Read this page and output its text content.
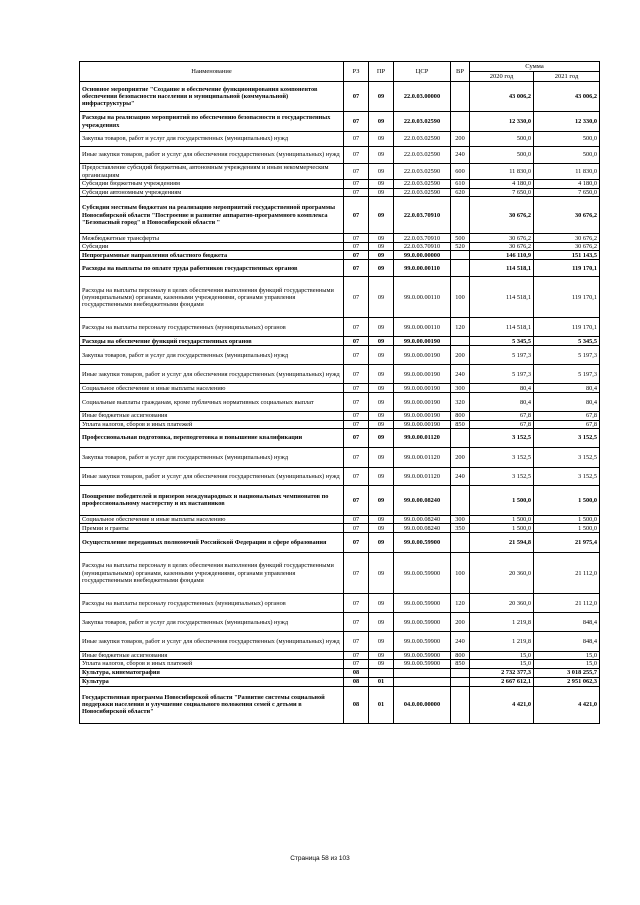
Наименование	РЗ	ПР	ЦСР	ВР	Сумма	
					2020 год	2021 год
Основное мероприятие "Создание и обеспечение функционирования компонентов обеспечения безопасности населения и муниципальной (коммунальной) инфраструктуры"	07	09	22.0.03.00000		43 006,2	43 006,2
Расходы на реализацию мероприятий по обеспечению безопасности в государственных учреждениях	07	09	22.0.03.02590		12 330,0	12 330,0
Закупка товаров, работ и услуг для государственных (муниципальных) нужд	07	09	22.0.03.02590	200	500,0	500,0
Иные закупки товаров, работ и услуг для обеспечения государственных (муниципальных) нужд	07	09	22.0.03.02590	240	500,0	500,0
Предоставление субсидий бюджетным, автономным учреждениям и иным некоммерческим организациям	07	09	22.0.03.02590	600	11 830,0	11 830,0
Субсидии бюджетным учреждениям	07	09	22.0.03.02590	610	4 180,0	4 180,0
Субсидии автономным учреждениям	07	09	22.0.03.02590	620	7 650,0	7 650,0
Субсидии местным бюджетам на реализацию мероприятий государственной программы Новосибирской области "Построение и развитие аппаратно-программного комплекса "Безопасный город" в Новосибирской области "	07	09	22.0.03.70910		30 676,2	30 676,2
Межбюджетные трансферты	07	09	22.0.03.70910	500	30 676,2	30 676,2
Субсидии	07	09	22.0.03.70910	520	30 676,2	30 676,2
Непрограммные направления областного бюджета	07	09	99.0.00.00000		146 110,9	151 143,5
Расходы на выплаты по оплате труда работников государственных органов	07	09	99.0.00.00110		114 518,1	119 170,1
Расходы на выплаты персоналу в целях обеспечения выполнения функций государственными (муниципальными) органами, казенными учреждениями, органами управления государственными внебюджетными фондами	07	09	99.0.00.00110	100	114 518,1	119 170,1
Расходы на выплаты персоналу государственных (муниципальных) органов	07	09	99.0.00.00110	120	114 518,1	119 170,1
Расходы на обеспечение функций государственных органов	07	09	99.0.00.00190		5 345,5	5 345,5
Закупка товаров, работ и услуг для государственных (муниципальных) нужд	07	09	99.0.00.00190	200	5 197,3	5 197,3
Иные закупки товаров, работ и услуг для обеспечения государственных (муниципальных) нужд	07	09	99.0.00.00190	240	5 197,3	5 197,3
Социальное обеспечение и иные выплаты населению	07	09	99.0.00.00190	300	80,4	80,4
Социальные выплаты гражданам, кроме публичных нормативных социальных выплат	07	09	99.0.00.00190	320	80,4	80,4
Иные бюджетные ассигнования	07	09	99.0.00.00190	800	67,8	67,8
Уплата налогов, сборов и иных платежей	07	09	99.0.00.00190	850	67,8	67,8
Профессиональная подготовка, переподготовка и повышение квалификации	07	09	99.0.00.01120		3 152,5	3 152,5
Закупка товаров, работ и услуг для государственных (муниципальных) нужд	07	09	99.0.00.01120	200	3 152,5	3 152,5
Иные закупки товаров, работ и услуг для обеспечения государственных (муниципальных) нужд	07	09	99.0.00.01120	240	3 152,5	3 152,5
Поощрение победителей и призеров международных и национальных чемпионатов по профессиональному мастерству и их наставников	07	09	99.0.00.08240		1 500,0	1 500,0
Социальное обеспечение и иные выплаты населению	07	09	99.0.00.08240	300	1 500,0	1 500,0
Премии и гранты	07	09	99.0.00.08240	350	1 500,0	1 500,0
Осуществление переданных полномочий Российской Федерации в сфере образования	07	09	99.0.00.59900		21 594,8	21 975,4
Расходы на выплаты персоналу в целях обеспечения выполнения функций государственными (муниципальными) органами, казенными учреждениями, органами управления государственными внебюджетными фондами	07	09	99.0.00.59900	100	20 360,0	21 112,0
Расходы на выплаты персоналу государственных (муниципальных) органов	07	09	99.0.00.59900	120	20 360,0	21 112,0
Закупка товаров, работ и услуг для государственных (муниципальных) нужд	07	09	99.0.00.59900	200	1 219,8	848,4
Иные закупки товаров, работ и услуг для обеспечения государственных (муниципальных) нужд	07	09	99.0.00.59900	240	1 219,8	848,4
Иные бюджетные ассигнования	07	09	99.0.00.59900	800	15,0	15,0
Уплата налогов, сборов и иных платежей	07	09	99.0.00.59900	850	15,0	15,0
Культура, кинематография	08				2 732 377,3	3 018 255,7
Культура	08	01			2 667 612,1	2 951 062,3
Государственная программа Новосибирской области "Развитие системы социальной поддержки населения и улучшение социального положения семей с детьми в Новосибирской области"	08	01	04.0.00.00000		4 421,0	4 421,0
Страница 58 из 103
